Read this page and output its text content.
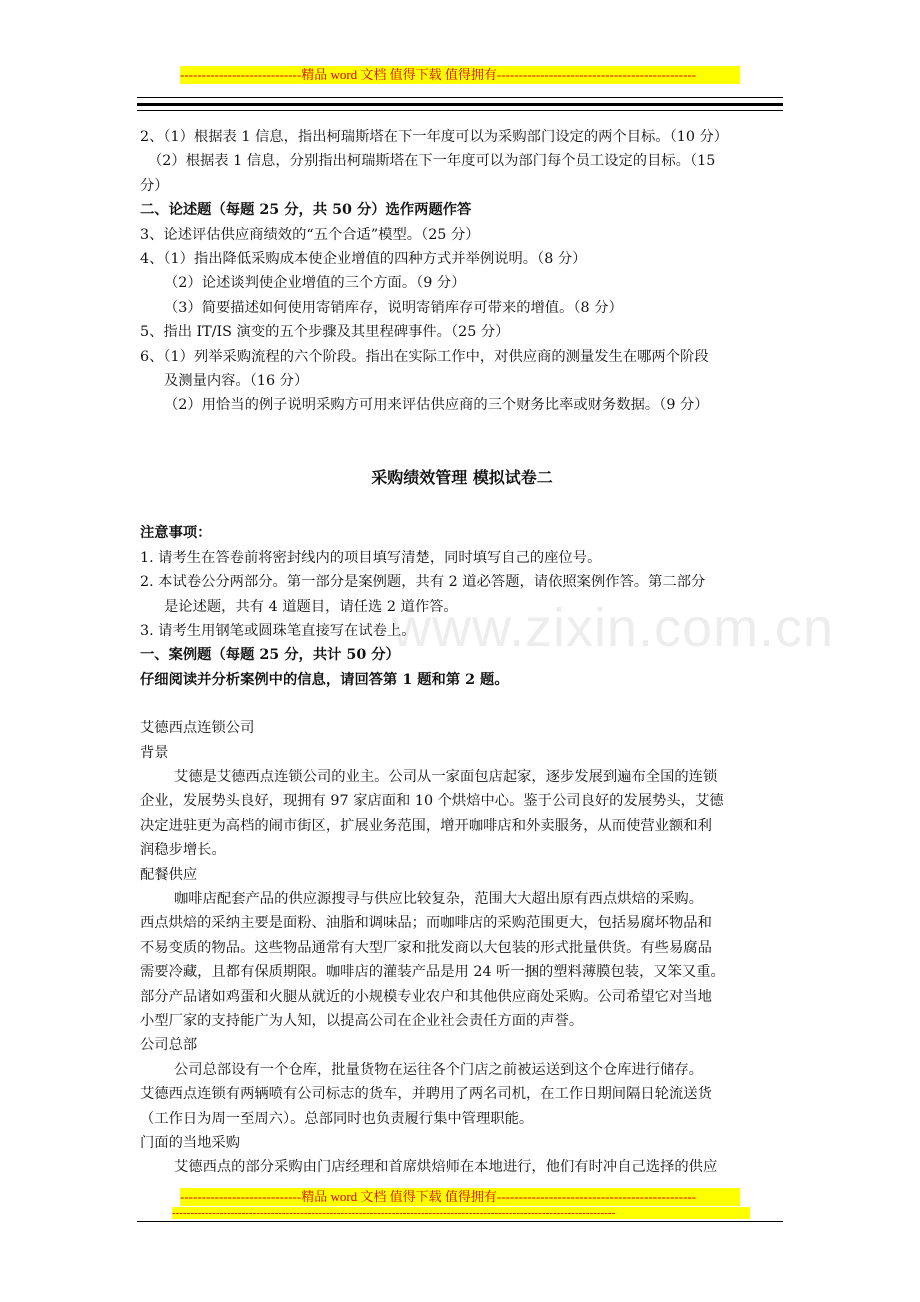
----------------------------精品 word 文档 值得下载 值得拥有----------------------------------------------
www.zixin.com.cn

2、（1）根据表 1 信息，指出柯瑞斯塔在下一年度可以为采购部门设定的两个目标。（10 分）

（2）根据表 1 信息，分别指出柯瑞斯塔在下一年度可以为部门每个员工设定的目标。（15

分）

二、论述题（每题 25 分，共 50 分）选作两题作答

3、论述评估供应商绩效的“五个合适”模型。（25 分）

4、（1）指出降低采购成本使企业增值的四种方式并举例说明。（8 分）

（2）论述谈判使企业增值的三个方面。（9 分）

（3）简要描述如何使用寄销库存，说明寄销库存可带来的增值。（8 分）

5、指出 IT/IS 演变的五个步骤及其里程碑事件。（25 分）

6、（1）列举采购流程的六个阶段。指出在实际工作中，对供应商的测量发生在哪两个阶段

及测量内容。（16 分）

（2）用恰当的例子说明采购方可用来评估供应商的三个财务比率或财务数据。（9 分）

采购绩效管理 模拟试卷二

注意事项：

1. 请考生在答卷前将密封线内的项目填写清楚，同时填写自己的座位号。

2. 本试卷公分两部分。第一部分是案例题，共有 2 道必答题，请依照案例作答。第二部分

是论述题，共有 4 道题目，请任选 2 道作答。

3. 请考生用钢笔或圆珠笔直接写在试卷上。

一、案例题（每题 25 分，共计 50 分）

仔细阅读并分析案例中的信息，请回答第 1 题和第 2 题。

艾德西点连锁公司

背景

艾德是艾德西点连锁公司的业主。公司从一家面包店起家，逐步发展到遍布全国的连锁

企业，发展势头良好，现拥有 97 家店面和 10 个烘焙中心。鉴于公司良好的发展势头，艾德

决定进驻更为高档的闹市街区，扩展业务范围，增开咖啡店和外卖服务，从而使营业额和利

润稳步增长。

配餐供应

咖啡店配套产品的供应源搜寻与供应比较复杂，范围大大超出原有西点烘焙的采购。

西点烘焙的采纳主要是面粉、油脂和调味品；而咖啡店的采购范围更大，包括易腐坏物品和

不易变质的物品。这些物品通常有大型厂家和批发商以大包装的形式批量供货。有些易腐品

需要冷藏，且都有保质期限。咖啡店的灌装产品是用 24 听一捆的塑料薄膜包装，又笨又重。

部分产品诸如鸡蛋和火腿从就近的小规模专业农户和其他供应商处采购。公司希望它对当地

小型厂家的支持能广为人知，以提高公司在企业社会责任方面的声誉。

公司总部

公司总部设有一个仓库，批量货物在运往各个门店之前被运送到这个仓库进行储存。

艾德西点连锁有两辆喷有公司标志的货车，并聘用了两名司机，在工作日期间隔日轮流送货

（工作日为周一至周六）。总部同时也负责履行集中管理职能。

门面的当地采购

艾德西点的部分采购由门店经理和首席烘焙师在本地进行，他们有时冲自己选择的供应

----------------------------精品 word 文档 值得下载 值得拥有----------------------------------------------
-------------------------------------------------------------------------------------------------------------------------
